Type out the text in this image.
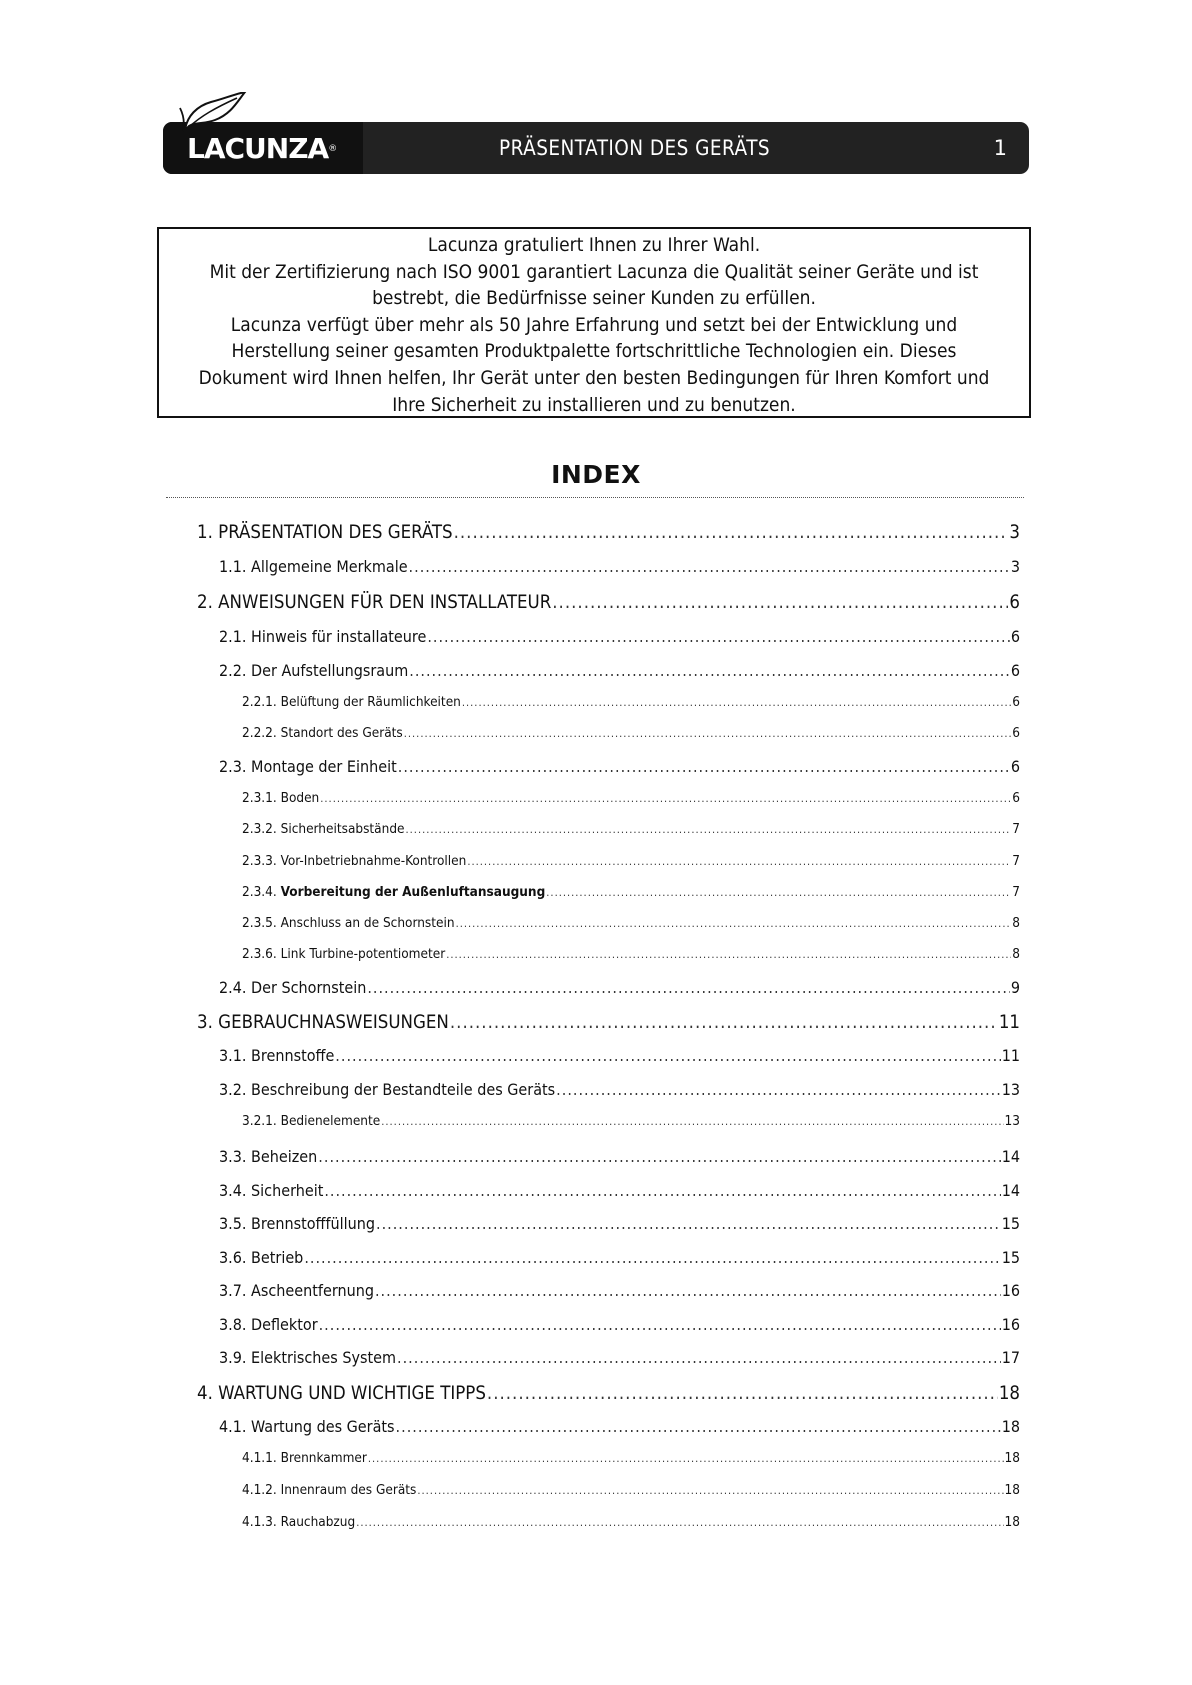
LACUNZA®	PRÄSENTATION DES GERÄTS	1
Lacunza gratuliert Ihnen zu Ihrer Wahl.
Mit der Zertifizierung nach ISO 9001 garantiert Lacunza die Qualität seiner Geräte und ist
bestrebt, die Bedürfnisse seiner Kunden zu erfüllen.
Lacunza verfügt über mehr als 50 Jahre Erfahrung und setzt bei der Entwicklung und
Herstellung seiner gesamten Produktpalette fortschrittliche Technologien ein. Dieses
Dokument wird Ihnen helfen, Ihr Gerät unter den besten Bedingungen für Ihren Komfort und
Ihre Sicherheit zu installieren und zu benutzen.
INDEX
1. PRÄSENTATION DES GERÄTS .....	3
1.1. Allgemeine Merkmale .....	3
2. ANWEISUNGEN FÜR DEN INSTALLATEUR .....	6
2.1. Hinweis für installateure .....	6
2.2. Der Aufstellungsraum .....	6
2.2.1. Belüftung der Räumlichkeiten .....	6
2.2.2. Standort des Geräts .....	6
2.3. Montage der Einheit .....	6
2.3.1. Boden .....	6
2.3.2. Sicherheitsabstände .....	7
2.3.3. Vor-Inbetriebnahme-Kontrollen .....	7
2.3.4. Vorbereitung der Außenluftansaugung .....	7
2.3.5. Anschluss an de Schornstein .....	8
2.3.6. Link Turbine-potentiometer .....	8
2.4. Der Schornstein .....	9
3. GEBRAUCHNASWEISUNGEN .....	11
3.1. Brennstoffe .....	11
3.2. Beschreibung der Bestandteile des Geräts .....	13
3.2.1. Bedienelemente .....	13
3.3. Beheizen .....	14
3.4. Sicherheit .....	14
3.5. Brennstofffüllung .....	15
3.6. Betrieb .....	15
3.7. Ascheentfernung .....	16
3.8. Deflektor .....	16
3.9. Elektrisches System .....	17
4. WARTUNG UND WICHTIGE TIPPS .....	18
4.1. Wartung des Geräts .....	18
4.1.1. Brennkammer .....	18
4.1.2. Innenraum des Geräts .....	18
4.1.3. Rauchabzug .....	18
